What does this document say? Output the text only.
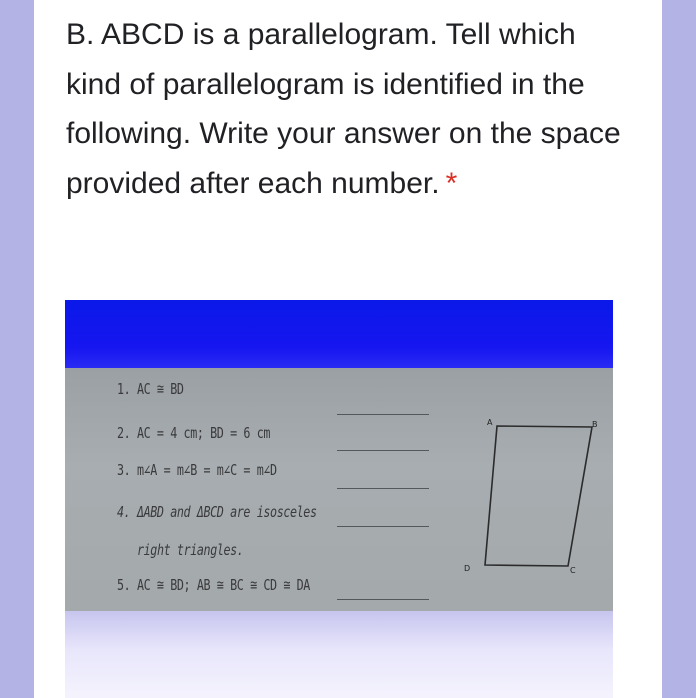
B. ABCD is a parallelogram. Tell which kind of parallelogram is identified in the following. Write your answer on the space provided after each number. *
1. AC ≅ BD
2. AC = 4 cm; BD = 6 cm
3. m∠A = m∠B = m∠C = m∠D
4. ΔABD and ΔBCD are isosceles
right triangles.
5. AC ≅ BD; AB ≅ BC ≅ CD ≅ DA
A	B
C
D
